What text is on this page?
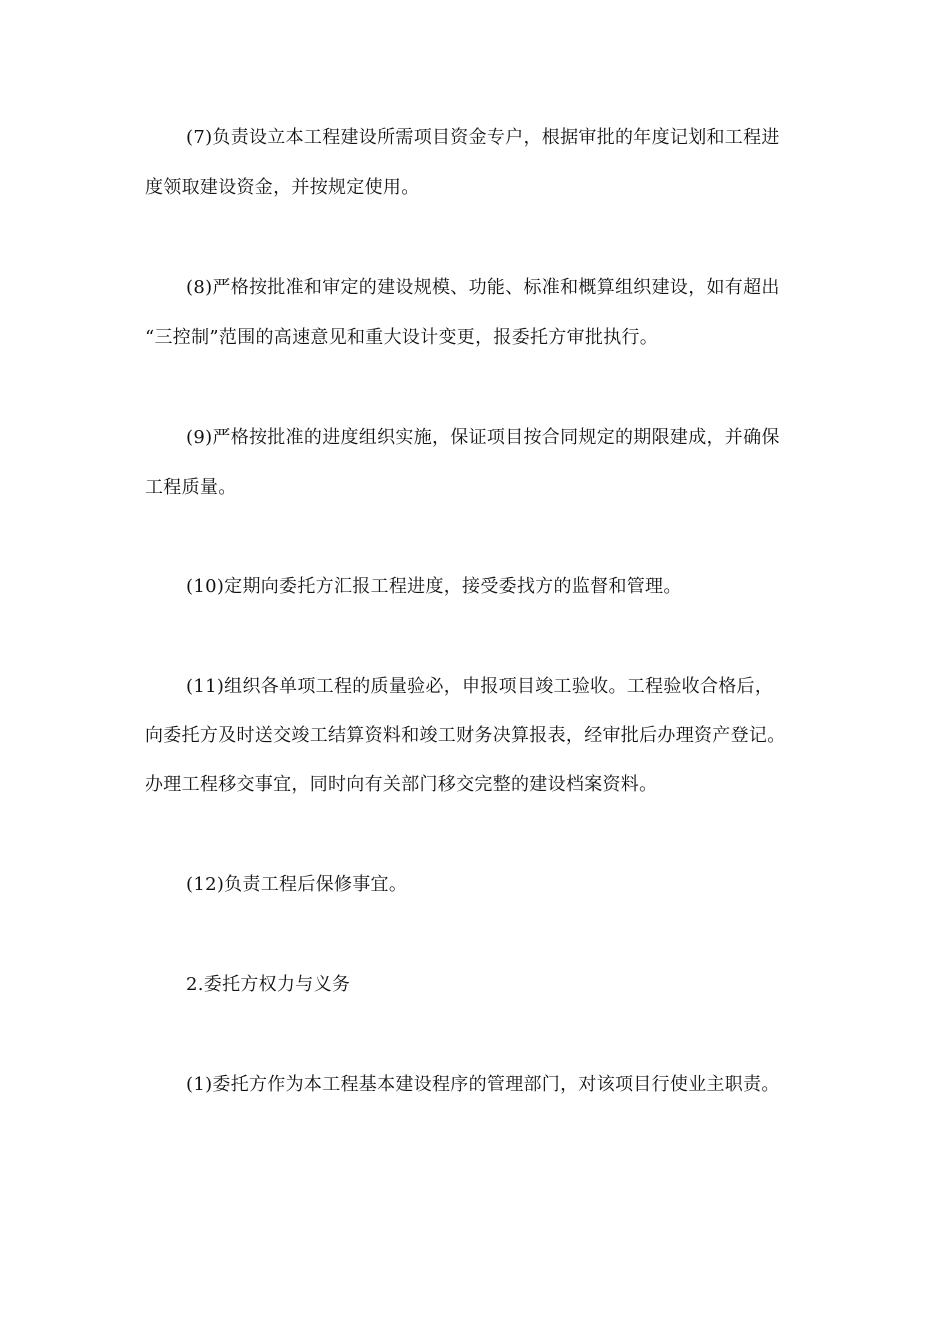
(7)负责设立本工程建设所需项目资金专户，根据审批的年度记划和工程进
度领取建设资金，并按规定使用。
(8)严格按批准和审定的建设规模、功能、标准和概算组织建设，如有超出
“三控制”范围的高速意见和重大设计变更，报委托方审批执行。
(9)严格按批准的进度组织实施，保证项目按合同规定的期限建成，并确保
工程质量。
(10)定期向委托方汇报工程进度，接受委找方的监督和管理。
(11)组织各单项工程的质量验必，申报项目竣工验收。工程验收合格后，
向委托方及时送交竣工结算资料和竣工财务决算报表，经审批后办理资产登记。
办理工程移交事宜，同时向有关部门移交完整的建设档案资料。
(12)负责工程后保修事宜。
2.委托方权力与义务
(1)委托方作为本工程基本建设程序的管理部门，对该项目行使业主职责。
